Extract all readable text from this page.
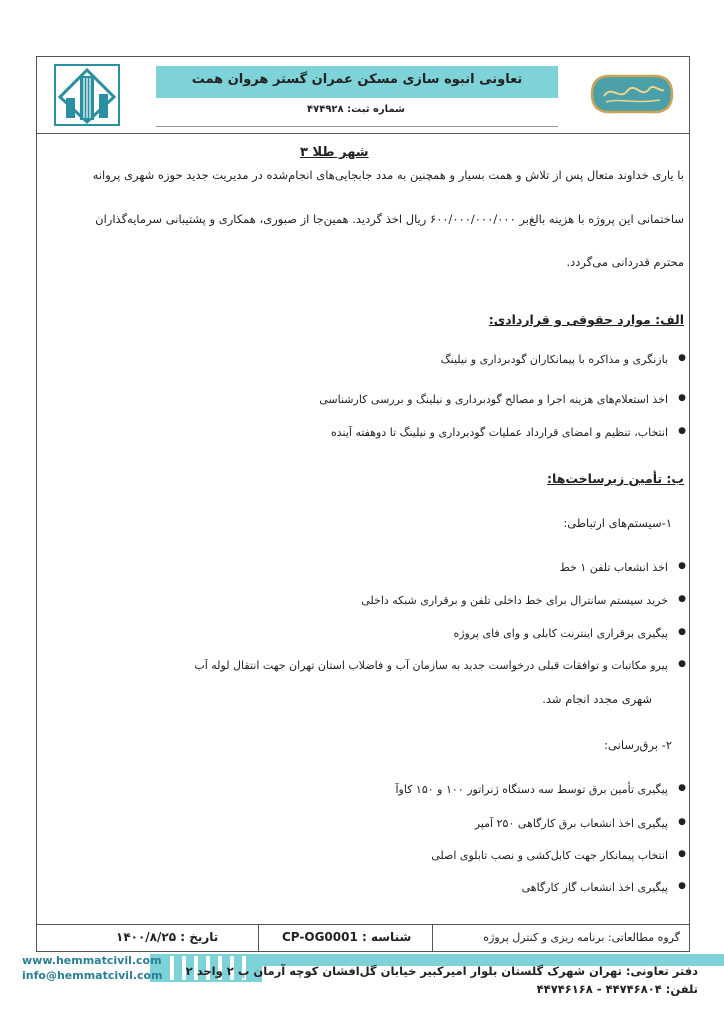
تعاونی انبوه سازی مسکن عمران گستر هروان همت
شماره ثبت: ۴۷۴۹۲۸
شهر طلا ۳
با یاری خداوند متعال پس از تلاش و همت بسیار و همچنین به مدد جابجایی‌های انجام‌شده در مدیریت جدید حوزه شهری پروانه
ساختمانی این پروژه با هزینه بالغ‌بر ۶۰۰/۰۰۰/۰۰۰/۰۰۰ ریال اخذ گردید. همین‌جا از صبوری، همکاری و پشتیبانی سرمایه‌گذاران
محترم قدردانی می‌گردد.
الف: موارد حقوقی و قراردادی:
● بازنگری و مذاکره با پیمانکاران گودبرداری و نیلینگ
● اخذ استعلام‌های هزینه اجرا و مصالح گودبرداری و نیلینگ و بررسی کارشناسی
● انتخاب، تنظیم و امضای قرارداد عملیات گودبرداری و نیلینگ تا دوهفته آینده
ب: تأمین زیرساخت‌ها:
۱-سیستم‌های ارتباطی:
● اخذ انشعاب تلفن ۱ خط
● خرید سیستم سانترال برای خط داخلی تلفن و برقراری شبکه داخلی
● پیگیری برقراری اینترنت کابلی و وای فای پروژه
● پیرو مکاتبات و توافقات قبلی درخواست جدید به سازمان آب و فاضلاب استان تهران جهت انتقال لوله آب
شهری مجدد انجام شد.
۲- برق‌رسانی:
● پیگیری تأمین برق توسط سه دستگاه ژنراتور ۱۰۰ و ۱۵۰ کاوآ
● پیگیری اخذ انشعاب برق کارگاهی ۲۵۰ آمپر
● انتخاب پیمانکار جهت کابل‌کشی و نصب تابلوی اصلی
● پیگیری اخذ انشعاب گاز کارگاهی
گروه مطالعاتی: برنامه ریزی و کنترل پروژه
شناسه : CP-OG0001
تاریخ : ۱۴۰۰/۸/۲۵
www.hemmatcivil.com
info@hemmatcivil.com دفتر تعاونی: تهران شهرک گلستان بلوار امیرکبیر خیابان گل‌افشان کوچه آرمان پ ۲ واحد ۲
تلفن: ۴۴۷۴۶۸۰۴ - ۴۴۷۴۶۱۶۸
